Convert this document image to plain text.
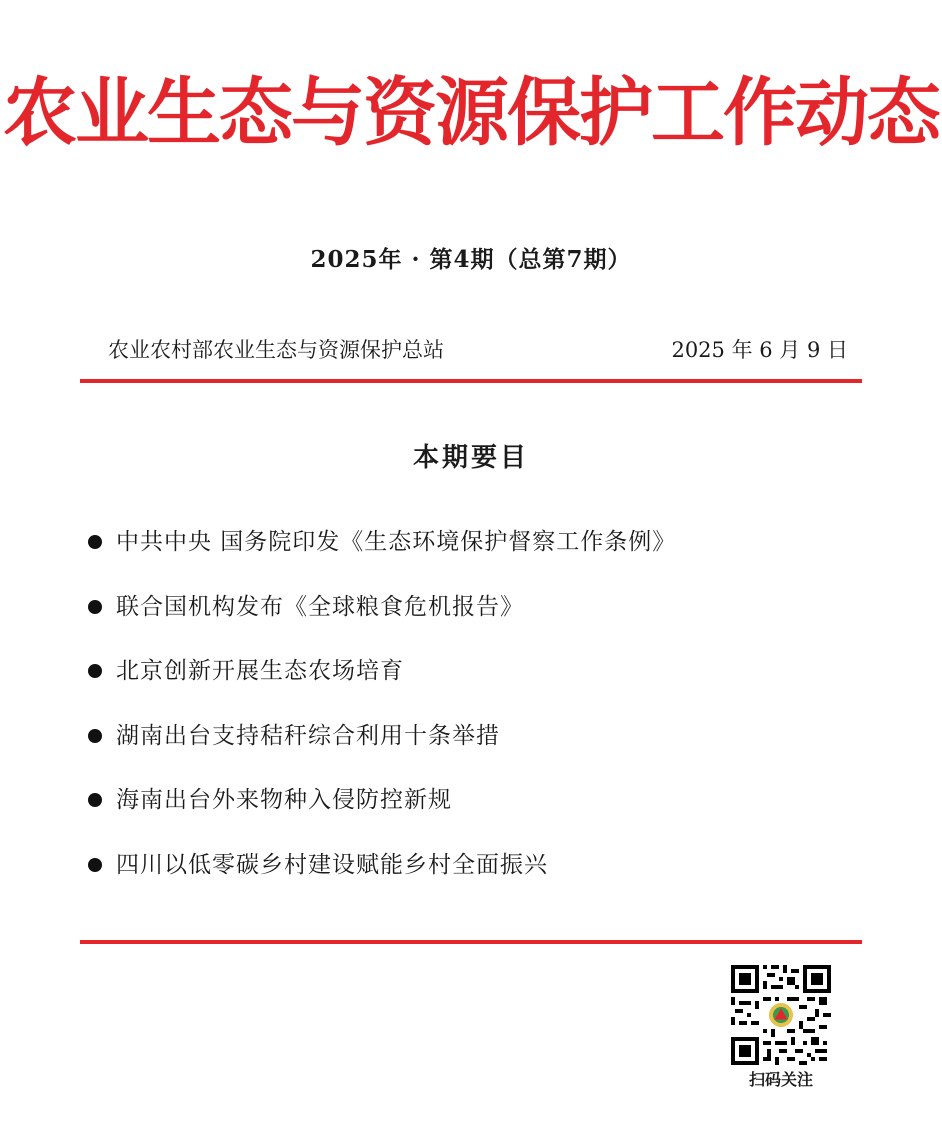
农业生态与资源保护工作动态
2025年 · 第4期（总第7期）
农业农村部农业生态与资源保护总站	2025 年 6 月 9 日
本期要目
中共中央 国务院印发《生态环境保护督察工作条例》
联合国机构发布《全球粮食危机报告》
北京创新开展生态农场培育
湖南出台支持秸秆综合利用十条举措
海南出台外来物种入侵防控新规
四川以低零碳乡村建设赋能乡村全面振兴
扫码关注
